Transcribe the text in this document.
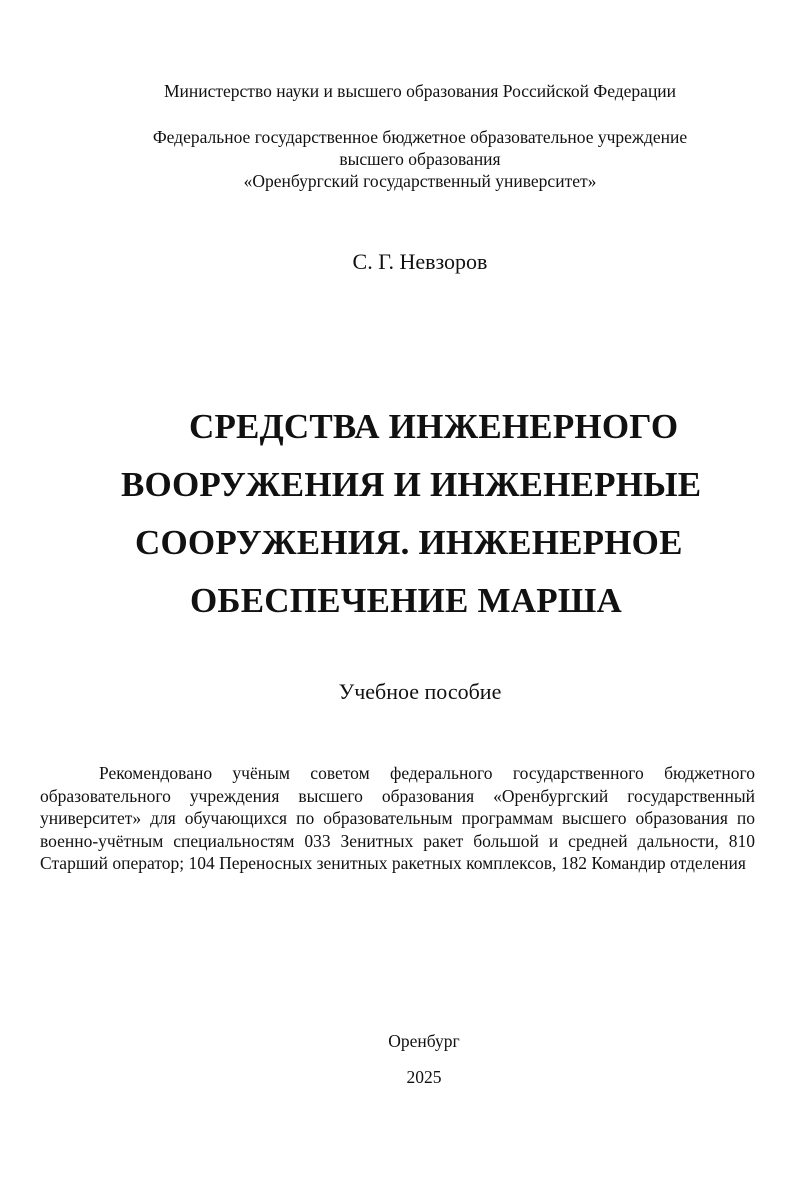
Министерство науки и высшего образования Российской Федерации
Федеральное государственное бюджетное образовательное учреждение
высшего образования
«Оренбургский государственный университет»
С. Г. Невзоров
СРЕДСТВА ИНЖЕНЕРНОГО
ВООРУЖЕНИЯ И ИНЖЕНЕРНЫЕ
СООРУЖЕНИЯ. ИНЖЕНЕРНОЕ
ОБЕСПЕЧЕНИЕ МАРША
Учебное пособие
Рекомендовано учёным советом федерального государственного бюджетного образовательного учреждения высшего образования «Оренбургский государственный университет» для обучающихся по образовательным программам высшего образования по военно-учётным специальностям 033 Зенитных ракет большой и средней дальности, 810 Старший оператор; 104 Переносных зенитных ракетных комплексов, 182 Командир отделения
Оренбург
2025
